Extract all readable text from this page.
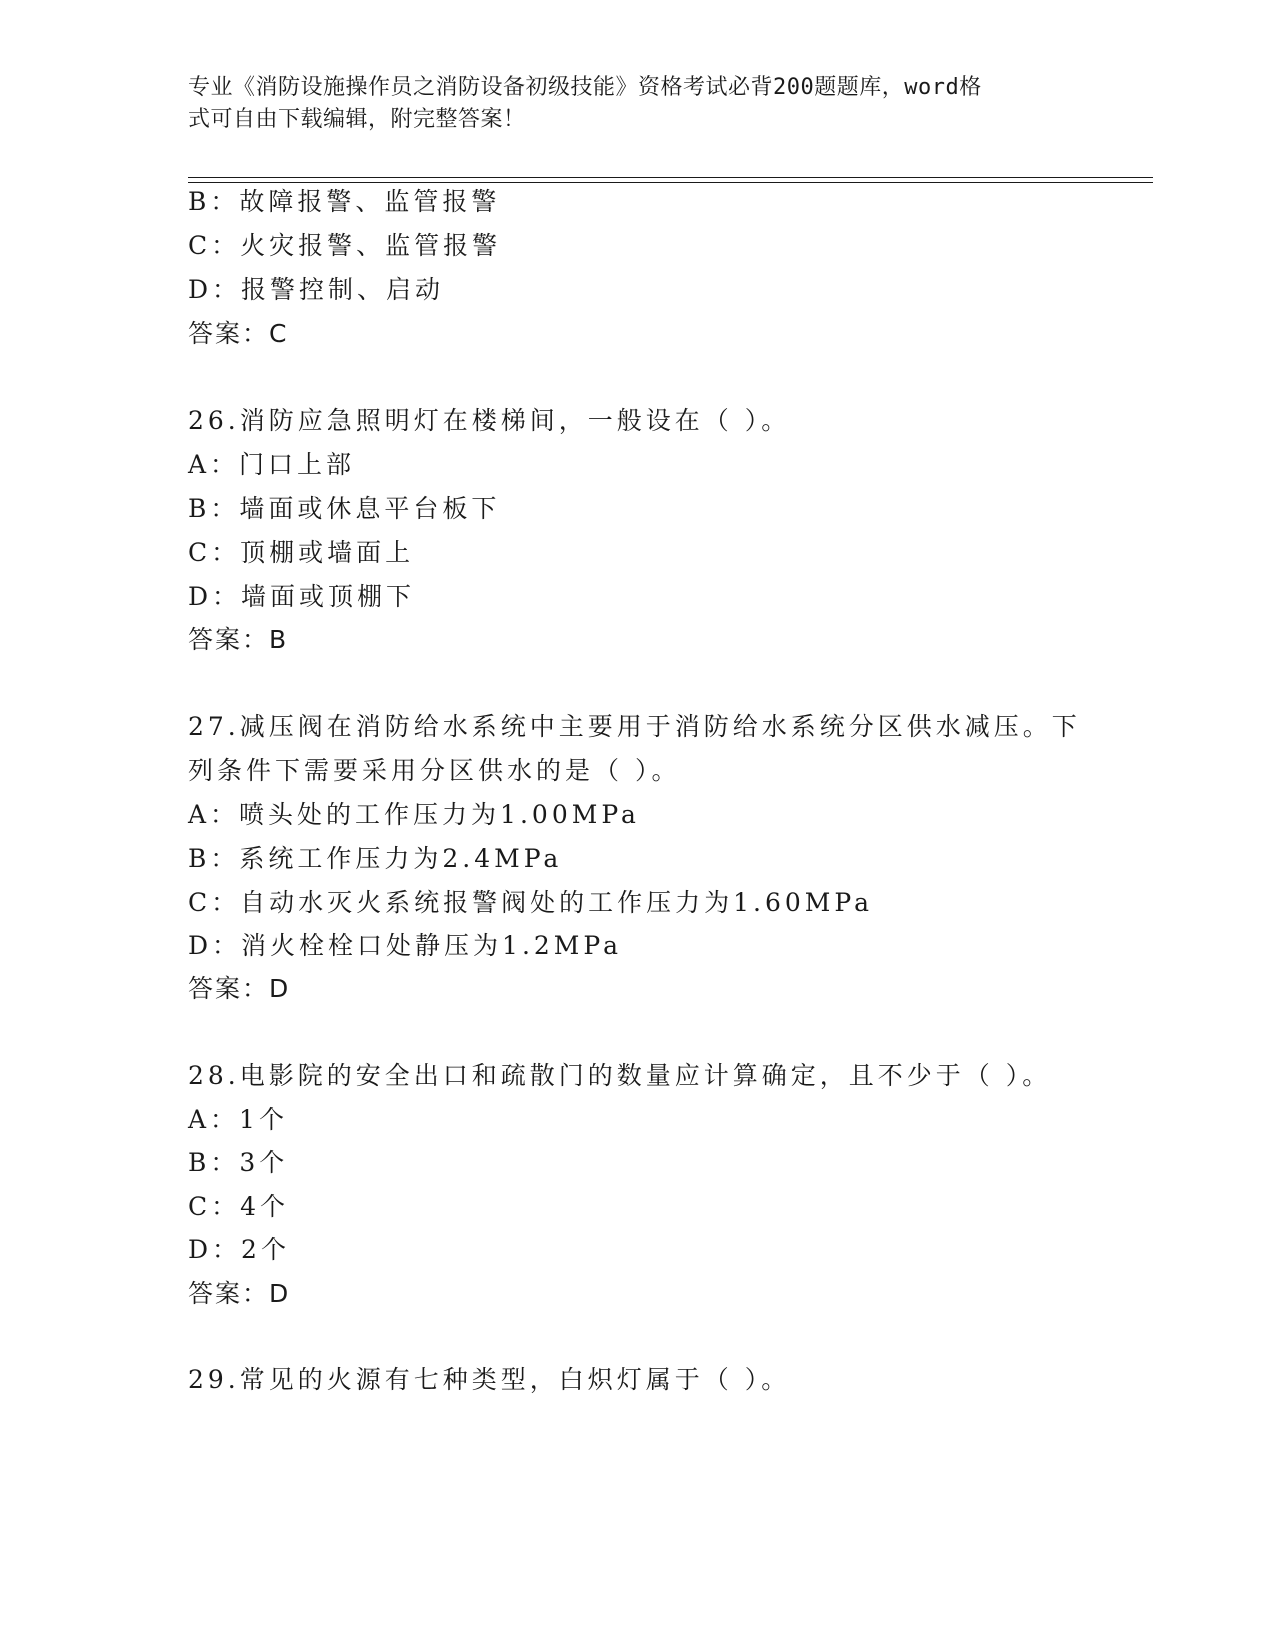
专业《消防设施操作员之消防设备初级技能》资格考试必背200题题库，word格
式可自由下载编辑，附完整答案！
B：故障报警、监管报警
C：火灾报警、监管报警
D：报警控制、启动
答案：C
26.消防应急照明灯在楼梯间，一般设在（ ）。
A：门口上部
B：墙面或休息平台板下
C：顶棚或墙面上
D：墙面或顶棚下
答案：B
27.减压阀在消防给水系统中主要用于消防给水系统分区供水减压。下
列条件下需要采用分区供水的是（ ）。
A：喷头处的工作压力为1.00MPa
B：系统工作压力为2.4MPa
C：自动水灭火系统报警阀处的工作压力为1.60MPa
D：消火栓栓口处静压为1.2MPa
答案：D
28.电影院的安全出口和疏散门的数量应计算确定，且不少于（ ）。
A：1个
B：3个
C：4个
D：2个
答案：D
29.常见的火源有七种类型，白炽灯属于（ ）。
